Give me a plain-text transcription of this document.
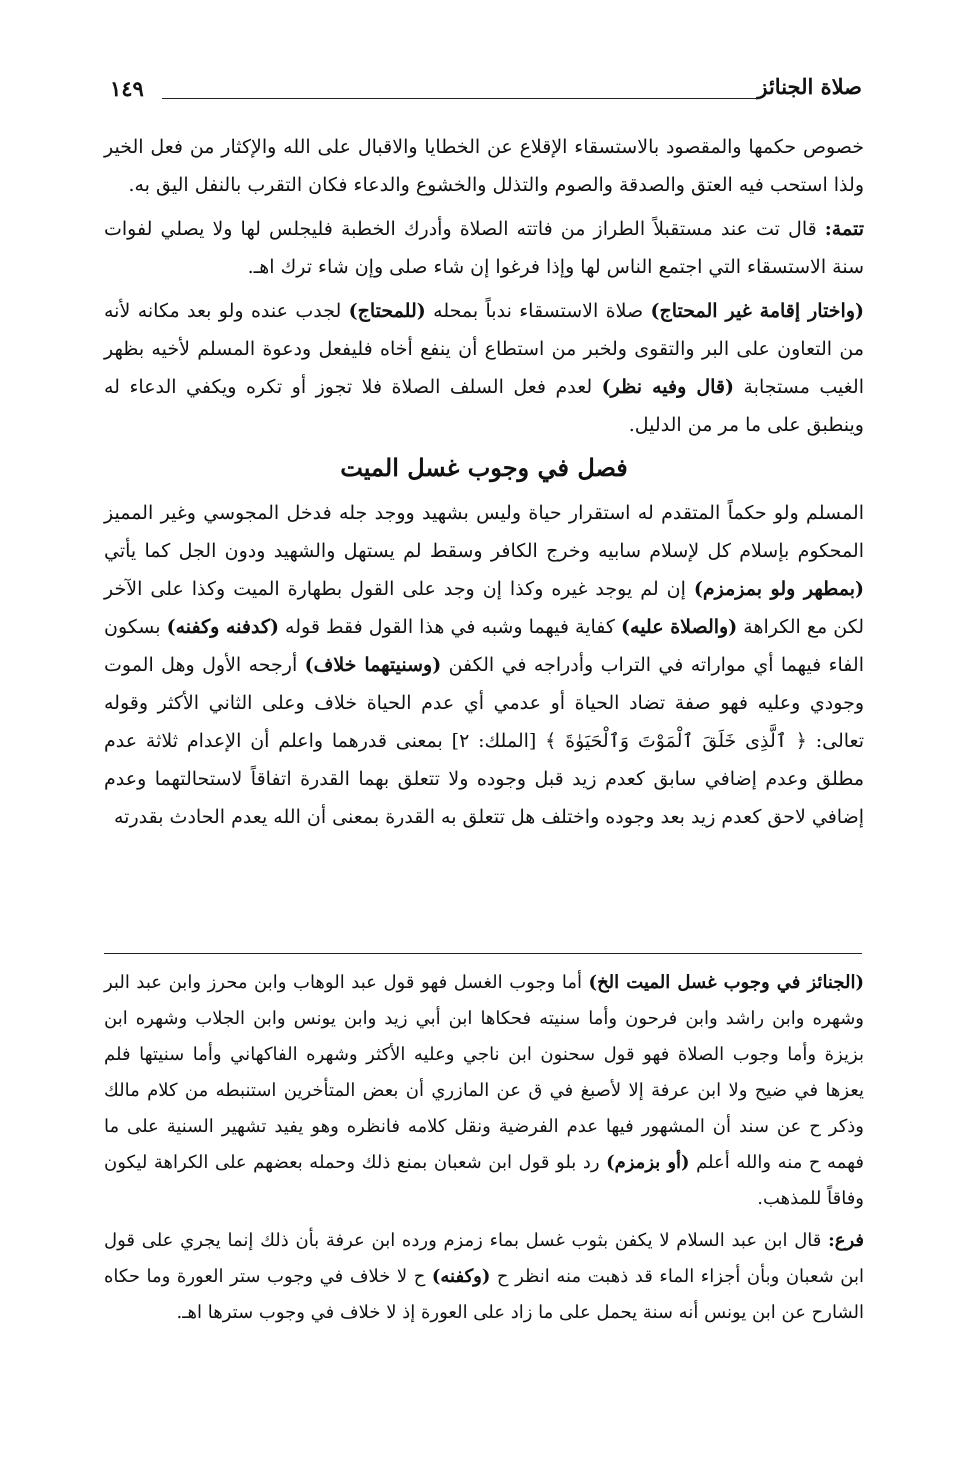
صلاة الجنائز
١٤٩

خصوص حكمها والمقصود بالاستسقاء الإقلاع عن الخطايا والاقبال على الله والإكثار من فعل الخير ولذا استحب فيه العتق والصدقة والصوم والتذلل والخشوع والدعاء فكان التقرب بالنفل اليق به.

تتمة: قال تت عند مستقبلاً الطراز من فاتته الصلاة وأدرك الخطبة فليجلس لها ولا يصلي لفوات سنة الاستسقاء التي اجتمع الناس لها وإذا فرغوا إن شاء صلى وإن شاء ترك اهـ.

(واختار إقامة غير المحتاج) صلاة الاستسقاء ندباً بمحله (للمحتاج) لجدب عنده ولو بعد مكانه لأنه من التعاون على البر والتقوى ولخبر من استطاع أن ينفع أخاه فليفعل ودعوة المسلم لأخيه بظهر الغيب مستجابة (قال وفيه نظر) لعدم فعل السلف الصلاة فلا تجوز أو تكره ويكفي الدعاء له وينطبق على ما مر من الدليل.

فصل في وجوب غسل الميت

المسلم ولو حكماً المتقدم له استقرار حياة وليس بشهيد ووجد جله فدخل المجوسي وغير المميز المحكوم بإسلام كل لإسلام سابيه وخرج الكافر وسقط لم يستهل والشهيد ودون الجل كما يأتي (بمطهر ولو بمزمزم) إن لم يوجد غيره وكذا إن وجد على القول بطهارة الميت وكذا على الآخر لكن مع الكراهة (والصلاة عليه) كفاية فيهما وشبه في هذا القول فقط قوله (كدفنه وكفنه) بسكون الفاء فيهما أي مواراته في التراب وأدراجه في الكفن (وسنيتهما خلاف) أرجحه الأول وهل الموت وجودي وعليه فهو صفة تضاد الحياة أو عدمي أي عدم الحياة خلاف وعلى الثاني الأكثر وقوله تعالى: ﴿ ٱلَّذِى خَلَقَ ٱلْمَوْتَ وَٱلْحَيَوٰةَ ﴾ [الملك: ٢] بمعنى قدرهما واعلم أن الإعدام ثلاثة عدم مطلق وعدم إضافي سابق كعدم زيد قبل وجوده ولا تتعلق بهما القدرة اتفاقاً لاستحالتهما وعدم إضافي لاحق كعدم زيد بعد وجوده واختلف هل تتعلق به القدرة بمعنى أن الله يعدم الحادث بقدرته

(الجنائز في وجوب غسل الميت الخ) أما وجوب الغسل فهو قول عبد الوهاب وابن محرز وابن عبد البر وشهره وابن راشد وابن فرحون وأما سنيته فحكاها ابن أبي زيد وابن يونس وابن الجلاب وشهره ابن بزيزة وأما وجوب الصلاة فهو قول سحنون ابن ناجي وعليه الأكثر وشهره الفاكهاني وأما سنيتها فلم يعزها في ضيح ولا ابن عرفة إلا لأصبغ في ق عن المازري أن بعض المتأخرين استنبطه من كلام مالك وذكر ح عن سند أن المشهور فيها عدم الفرضية ونقل كلامه فانظره وهو يفيد تشهير السنية على ما فهمه ح منه والله أعلم (أو بزمزم) رد بلو قول ابن شعبان بمنع ذلك وحمله بعضهم على الكراهة ليكون وفاقاً للمذهب.

فرع: قال ابن عبد السلام لا يكفن بثوب غسل بماء زمزم ورده ابن عرفة بأن ذلك إنما يجري على قول ابن شعبان وبأن أجزاء الماء قد ذهبت منه انظر ح (وكفنه) ح لا خلاف في وجوب ستر العورة وما حكاه الشارح عن ابن يونس أنه سنة يحمل على ما زاد على العورة إذ لا خلاف في وجوب سترها اهـ.
